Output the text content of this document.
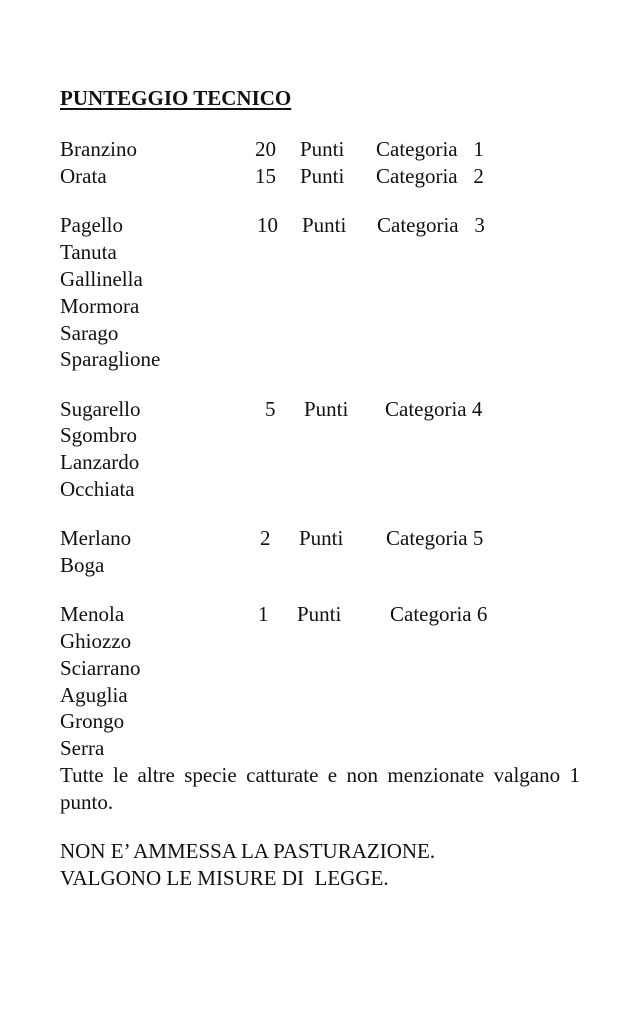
PUNTEGGIO TECNICO
Branzino	20 Punti Categoria   1
Orata	15 Punti Categoria   2
Pagello	10 Punti Categoria   3
Tanuta
Gallinella
Mormora
Sarago
Sparaglione
Sugarello	5 Punti Categoria 4
Sgombro
Lanzardo
Occhiata
Merlano	2 Punti Categoria 5
Boga
Menola	1 Punti Categoria 6
Ghiozzo
Sciarrano
Aguglia
Grongo
Serra
Tutte le altre specie catturate e non menzionate valgano 1 punto.
NON E’ AMMESSA LA PASTURAZIONE.
VALGONO LE MISURE DI  LEGGE.
